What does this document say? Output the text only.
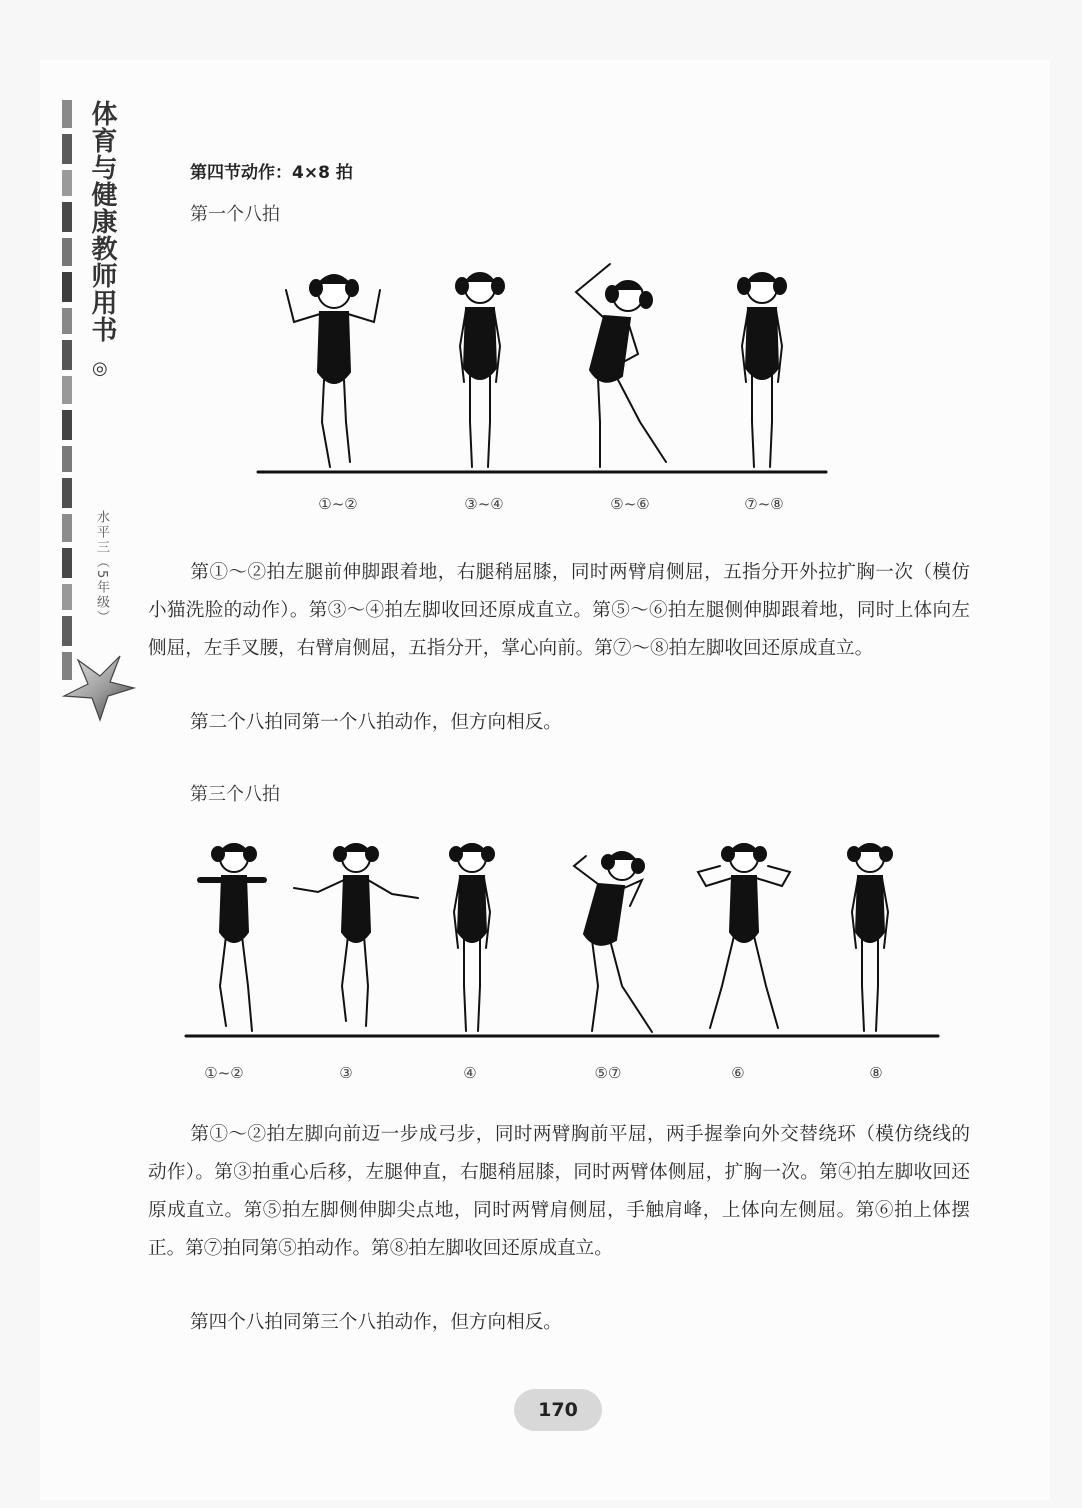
体育与健康教师用书
◎
水平三（5年级）
第四节动作：4×8 拍
第一个八拍
①~②	③~④	⑤~⑥	⑦~⑧
第①～②拍左腿前伸脚跟着地，右腿稍屈膝，同时两臂肩侧屈，五指分开外拉扩胸一次（模仿小猫洗脸的动作）。第③～④拍左脚收回还原成直立。第⑤～⑥拍左腿侧伸脚跟着地，同时上体向左侧屈，左手叉腰，右臂肩侧屈，五指分开，掌心向前。第⑦～⑧拍左脚收回还原成直立。
第二个八拍同第一个八拍动作，但方向相反。
第三个八拍
①~②	③	④	⑤⑦	⑥	⑧
第①～②拍左脚向前迈一步成弓步，同时两臂胸前平屈，两手握拳向外交替绕环（模仿绕线的动作）。第③拍重心后移，左腿伸直，右腿稍屈膝，同时两臂体侧屈，扩胸一次。第④拍左脚收回还原成直立。第⑤拍左脚侧伸脚尖点地，同时两臂肩侧屈，手触肩峰，上体向左侧屈。第⑥拍上体摆正。第⑦拍同第⑤拍动作。第⑧拍左脚收回还原成直立。
第四个八拍同第三个八拍动作，但方向相反。
170
